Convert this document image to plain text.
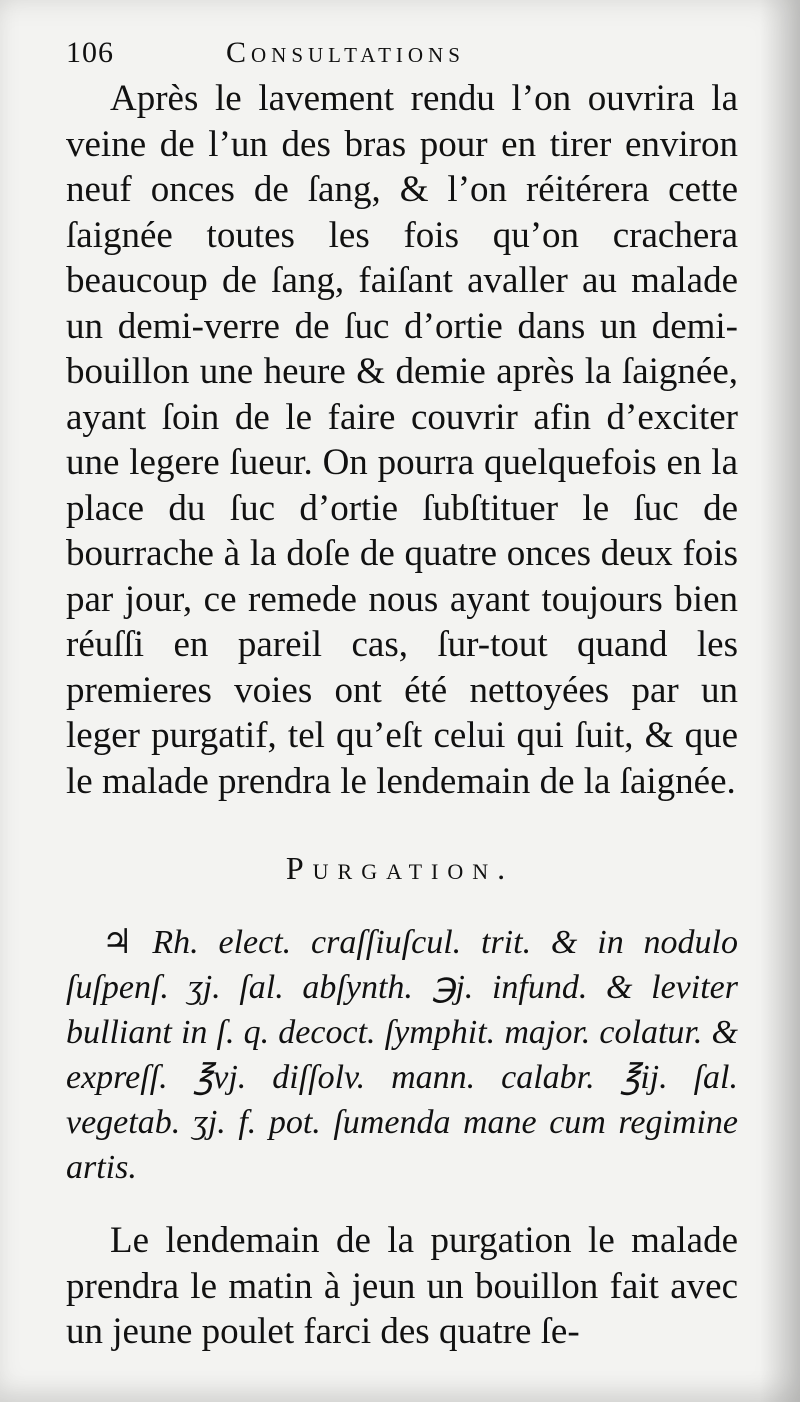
106	Consultations

Après le lavement rendu l’on ouvrira la veine de l’un des bras pour en tirer environ neuf onces de ſang, & l’on réitérera cette ſaignée toutes les fois qu’on crachera beaucoup de ſang, faiſant avaller au malade un demi-verre de ſuc d’ortie dans un demi-bouillon une heure & demie après la ſaignée, ayant ſoin de le faire couvrir afin d’exciter une legere ſueur. On pourra quelquefois en la place du ſuc d’ortie ſubſtituer le ſuc de bourrache à la doſe de quatre onces deux fois par jour, ce remede nous ayant toujours bien réuſſi en pareil cas, ſur-tout quand les premieres voies ont été nettoyées par un leger purgatif, tel qu’eſt celui qui ſuit, & que le malade prendra le lendemain de la ſaignée.

Purgation.

♃ Rh. elect. craſſiuſcul. trit. & in nodulo ſuſpenſ. ʒj. ſal. abſynth. ℈j. infund. & leviter bulliant in ſ. q. decoct. ſymphit. major. colatur. & expreſſ. ℥vj. diſſolv. mann. calabr. ℥ij. ſal. vegetab. ʒj. f. pot. ſumenda mane cum regimine artis.

Le lendemain de la purgation le malade prendra le matin à jeun un bouillon fait avec un jeune poulet farci des quatre ſe-
